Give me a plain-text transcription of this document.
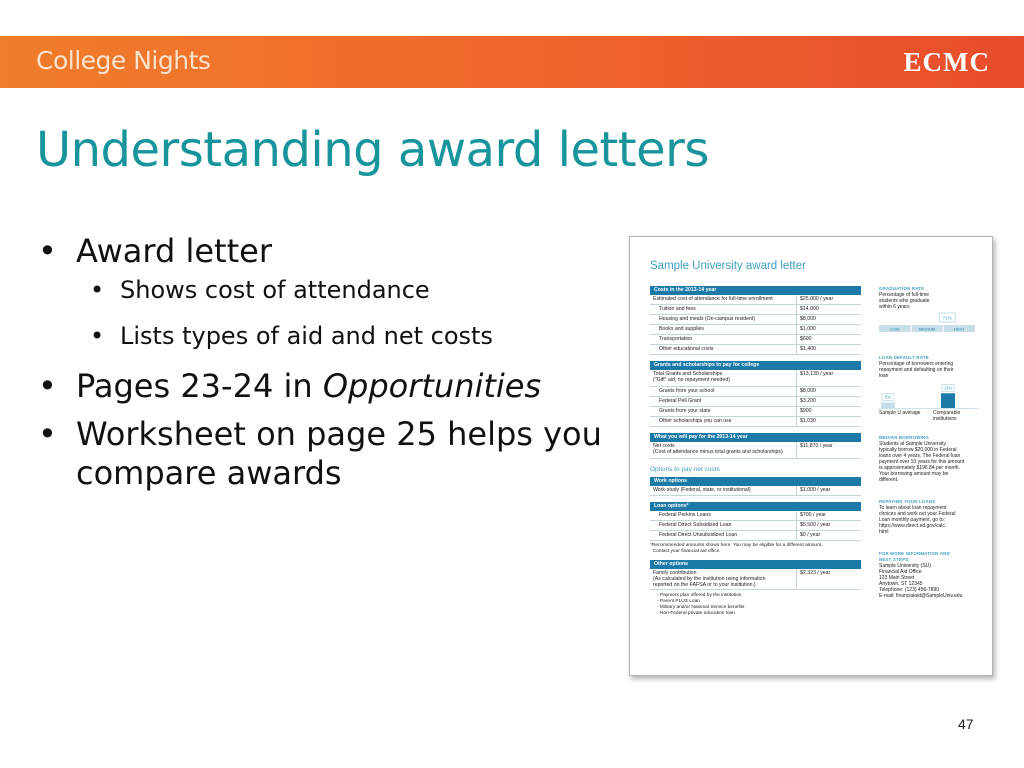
College Nights	ECMC
Understanding award letters
• Award letter
• Shows cost of attendance
• Lists types of aid and net costs
• Pages 23-24 in Opportunities
• Worksheet on page 25 helps you compare awards
Sample University award letter
Costs in the 2013-14 year
Estimated cost of attendance for full-time enrollment	$25,000 / year
Tuition and fees	$14,000
Housing and meals (On-campus resident)	$8,000
Books and supplies	$1,000
Transportation	$600
Other educational costs	$1,400
Grants and scholarships to pay for college
Total Grants and Scholarships
("Gift" aid; no repayment needed)	$13,130 / year
Grants from your school	$8,000
Federal Pell Grant	$3,200
Grants from your state	$900
Other scholarships you can use	$1,030
What you will pay for the 2013-14 year
Net costs
(Cost of attendance minus total grants and scholarships)	$11,870 / year
Options to pay net costs
Work options
Work-study (Federal, state, or institutional)	$1,000 / year
Loan options*
Federal Perkins Loans	$700 / year
Federal Direct Subsidized Loan	$5,500 / year
Federal Direct Unsubsidized Loan	$0 / year
*Recommended amounts shown here. You may be eligible for a different amount.
Contact your financial aid office.
Other options
Family contribution
(As calculated by the institution using information
reported on the FAFSA or to your institution.)	$2,323 / year
- Payment plan offered by the institution
- Parent PLUS Loan
- Military and/or National Service benefits
- Non-Federal private education loan
GRADUATION RATE
Percentage of full-time
students who graduate
within 6 years
LOW	MEDIUM	HIGH
71%
LOAN DEFAULT RATE
Percentage of borrowers entering
repayment and defaulting on their
loan
5%
13%
Sample U average	Comparable institutions
MEDIAN BORROWING
Students at Sample University
typically borrow $20,000 in Federal
loans over 4 years. The Federal loan
payment over 10 years for this amount
is approximately $196.84 per month.
Your borrowing amount may be
different.
REPAYING YOUR LOANS
To learn about loan repayment
choices and work out your Federal
Loan monthly payment, go to:
https://www.direct.ed.gov/calc.
html
FOR MORE INFORMATION AND
NEXT STEPS:
Sample University (SU)
Financial Aid Office
123 Main Street
Anytown, ST 12345
Telephone: (123) 456-7890
E-mail: financialaid@SampleUniv.edu
47
